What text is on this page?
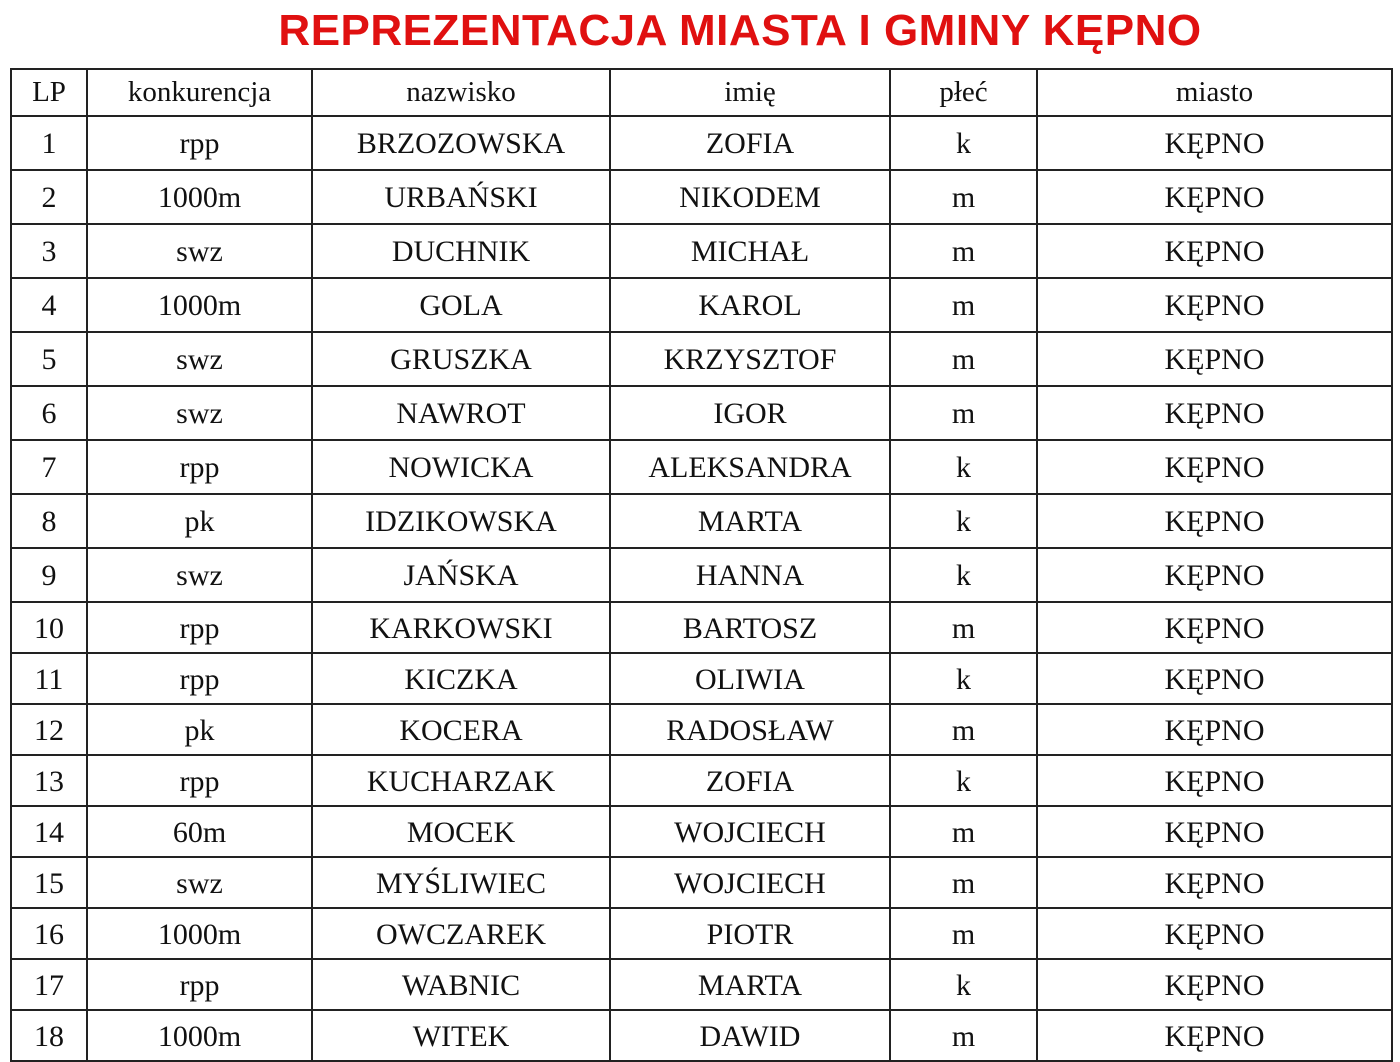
REPREZENTACJA MIASTA I GMINY KĘPNO
LP	konkurencja	nazwisko	imię	płeć	miasto
1	rpp	BRZOZOWSKA	ZOFIA	k	KĘPNO
2	1000m	URBAŃSKI	NIKODEM	m	KĘPNO
3	swz	DUCHNIK	MICHAŁ	m	KĘPNO
4	1000m	GOLA	KAROL	m	KĘPNO
5	swz	GRUSZKA	KRZYSZTOF	m	KĘPNO
6	swz	NAWROT	IGOR	m	KĘPNO
7	rpp	NOWICKA	ALEKSANDRA	k	KĘPNO
8	pk	IDZIKOWSKA	MARTA	k	KĘPNO
9	swz	JAŃSKA	HANNA	k	KĘPNO
10	rpp	KARKOWSKI	BARTOSZ	m	KĘPNO
11	rpp	KICZKA	OLIWIA	k	KĘPNO
12	pk	KOCERA	RADOSŁAW	m	KĘPNO
13	rpp	KUCHARZAK	ZOFIA	k	KĘPNO
14	60m	MOCEK	WOJCIECH	m	KĘPNO
15	swz	MYŚLIWIEC	WOJCIECH	m	KĘPNO
16	1000m	OWCZAREK	PIOTR	m	KĘPNO
17	rpp	WABNIC	MARTA	k	KĘPNO
18	1000m	WITEK	DAWID	m	KĘPNO
